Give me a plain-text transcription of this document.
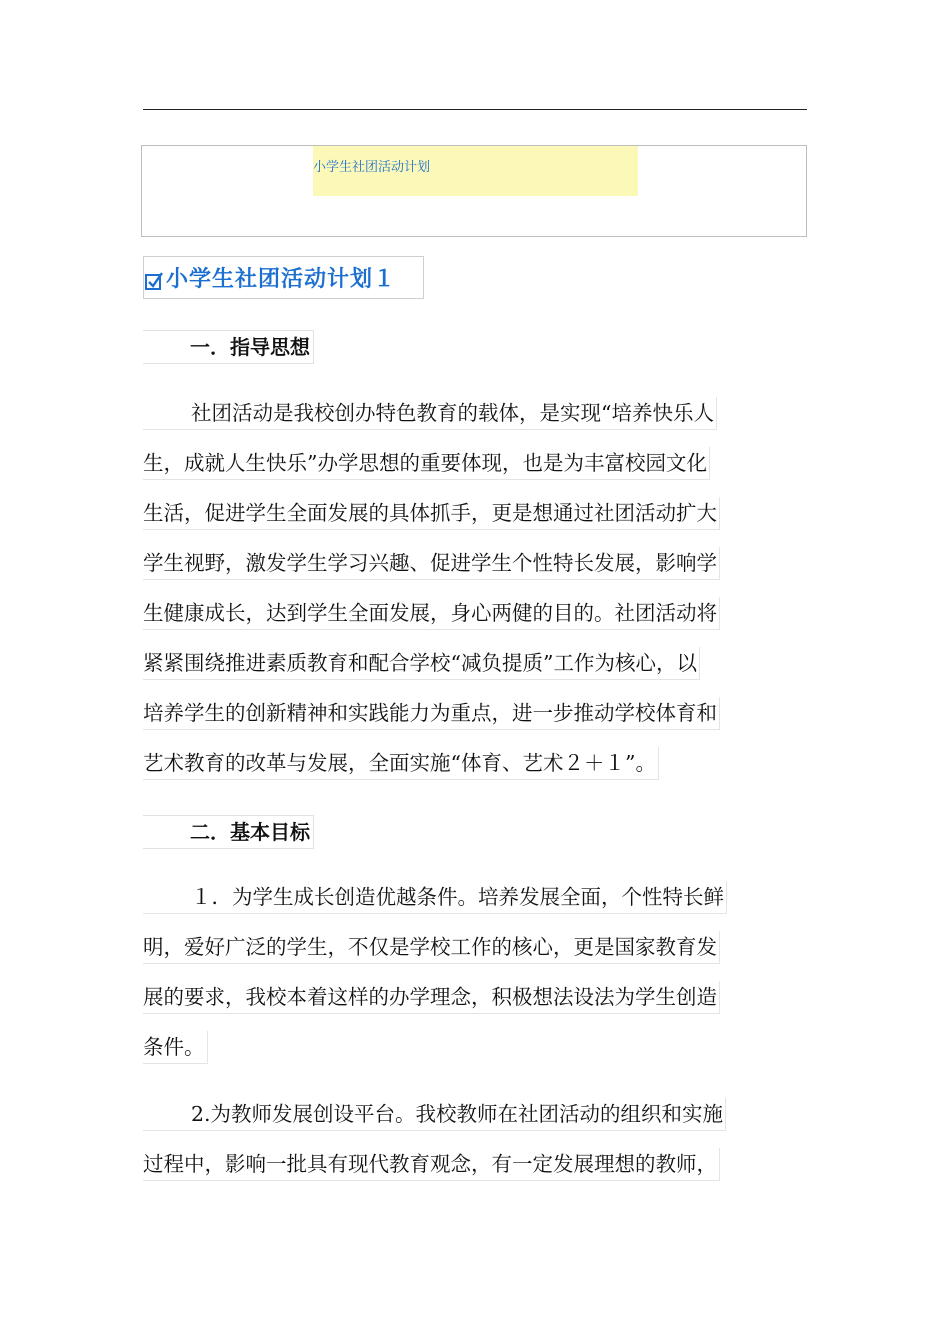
小学生社团活动计划
小学生社团活动计划１
一．指导思想
社团活动是我校创办特色教育的载体，是实现“培养快乐人
生，成就人生快乐”办学思想的重要体现，也是为丰富校园文化
生活，促进学生全面发展的具体抓手，更是想通过社团活动扩大
学生视野，激发学生学习兴趣、促进学生个性特长发展，影响学
生健康成长，达到学生全面发展，身心两健的目的。社团活动将
紧紧围绕推进素质教育和配合学校“减负提质”工作为核心，以
培养学生的创新精神和实践能力为重点，进一步推动学校体育和
艺术教育的改革与发展，全面实施“体育、艺术２＋１”。
二．基本目标
１．为学生成长创造优越条件。培养发展全面，个性特长鲜
明，爱好广泛的学生，不仅是学校工作的核心，更是国家教育发
展的要求，我校本着这样的办学理念，积极想法设法为学生创造
条件。
2.为教师发展创设平台。我校教师在社团活动的组织和实施
过程中，影响一批具有现代教育观念，有一定发展理想的教师，
